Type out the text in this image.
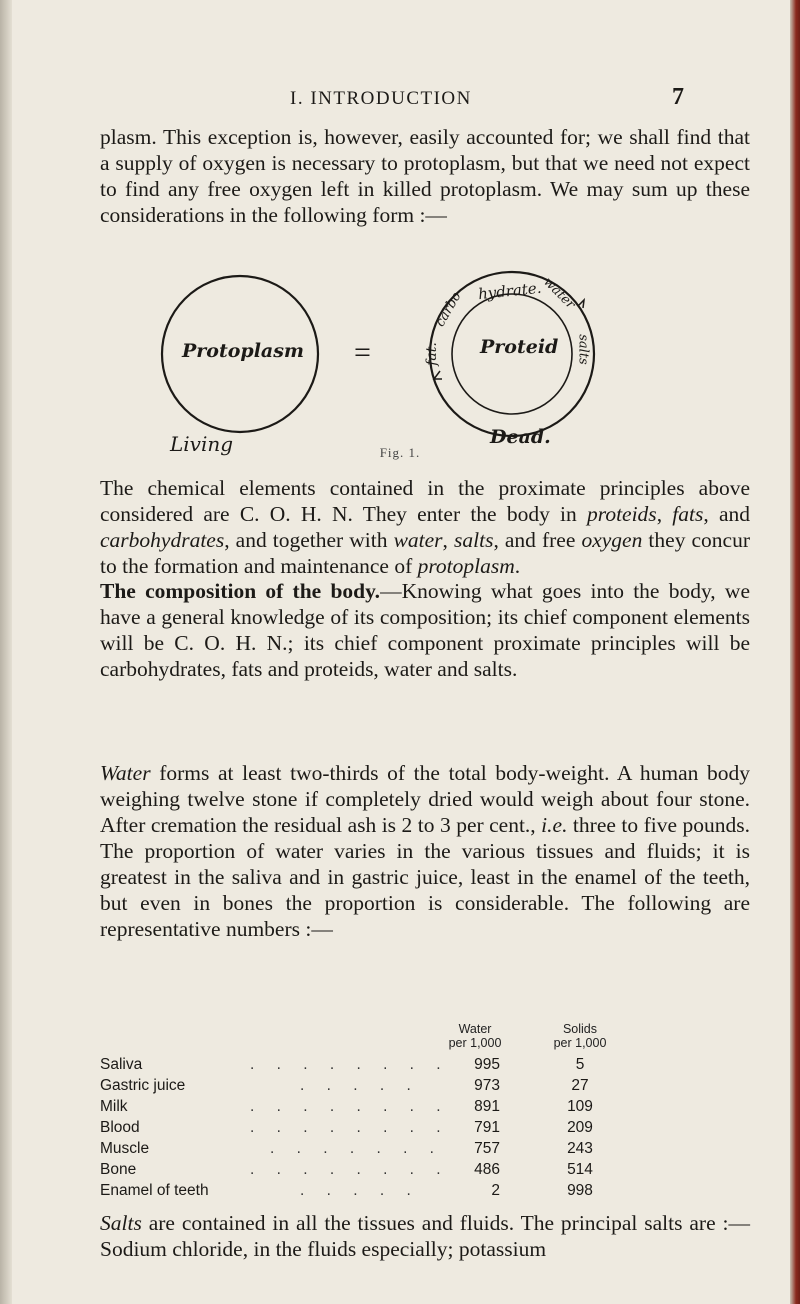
I. INTRODUCTION	7
plasm. This exception is, however, easily accounted for; we shall find that a supply of oxygen is necessary to protoplasm, but that we need not expect to find any free oxygen left in killed protoplasm. We may sum up these considerations in the following form :—
Protoplasm =	Proteid
hydrate.
carbo
fat.
water
salts
Living	Dead.
Fig. 1.
The chemical elements contained in the proximate principles above considered are C. O. H. N. They enter the body in proteids, fats, and carbohydrates, and together with water, salts, and free oxygen they concur to the formation and maintenance of protoplasm.
The composition of the body.—Knowing what goes into the body, we have a general knowledge of its composition; its chief component elements will be C. O. H. N.; its chief component proximate principles will be carbohydrates, fats and proteids, water and salts.
Water forms at least two-thirds of the total body-weight. A human body weighing twelve stone if completely dried would weigh about four stone. After cremation the residual ash is 2 to 3 per cent., i.e. three to five pounds. The proportion of water varies in the various tissues and fluids; it is greatest in the saliva and in gastric juice, least in the enamel of the teeth, but even in bones the proportion is considerable. The following are representative numbers :—
Water
per 1,000
Solids
per 1,000
Saliva	. . . . . . . .	995	5
Gastric juice	. . . . .	973	27
Milk	. . . . . . . .	891	109
Blood	. . . . . . . .	791	209
Muscle	. . . . . . .	757	243
Bone	. . . . . . . .	486	514
Enamel of teeth	. . . . .	2	998
Salts are contained in all the tissues and fluids. The principal salts are :—Sodium chloride, in the fluids especially; potassium
